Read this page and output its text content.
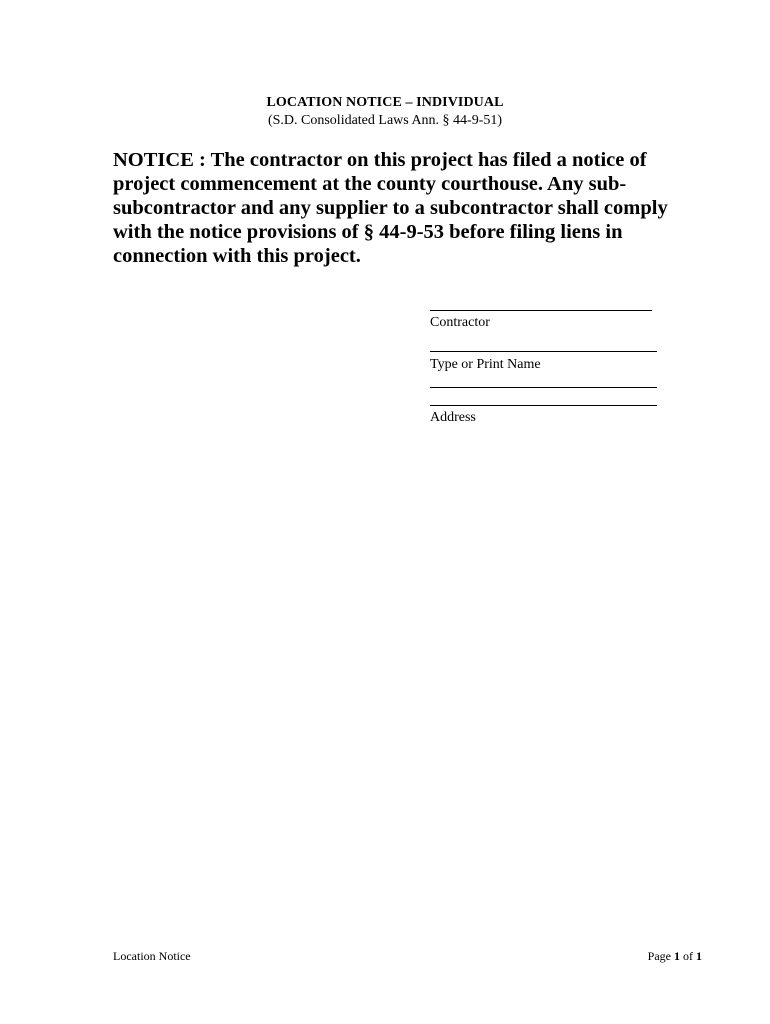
LOCATION NOTICE – INDIVIDUAL
(S.D. Consolidated Laws Ann. § 44-9-51)
NOTICE : The contractor on this project has filed a notice of project commencement at the county courthouse. Any sub-subcontractor and any supplier to a subcontractor shall comply with the notice provisions of § 44-9-53 before filing liens in connection with this project.
Contractor
Type or Print Name
Address
Location Notice	Page 1 of 1
